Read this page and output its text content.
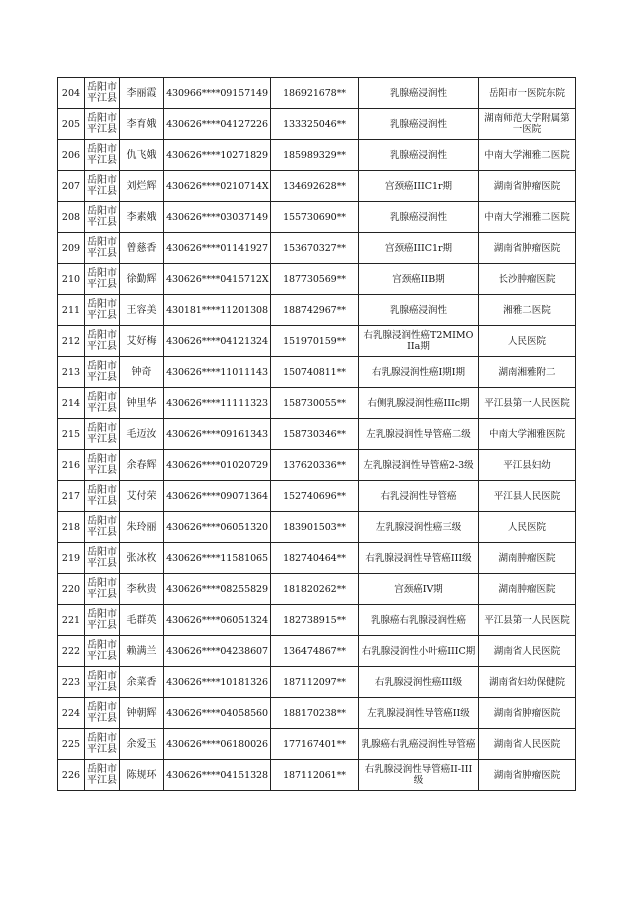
204	岳阳市平江县	李丽霞	430966****09157149	186921678**	乳腺癌浸润性	岳阳市一医院东院
205	岳阳市平江县	李育娥	430626****04127226	133325046**	乳腺癌浸润性	湖南师范大学附属第一医院
206	岳阳市平江县	仇飞娥	430626****10271829	185989329**	乳腺癌浸润性	中南大学湘雅二医院
207	岳阳市平江县	刘烂辉	430626****0210714X	134692628**	宫颈癌IIIC1r期	湖南省肿瘤医院
208	岳阳市平江县	李素娥	430626****03037149	155730690**	乳腺癌浸润性	中南大学湘雅二医院
209	岳阳市平江县	曾慈香	430626****01141927	153670327**	宫颈癌IIIC1r期	湖南省肿瘤医院
210	岳阳市平江县	徐勤辉	430626****0415712X	187730569**	宫颈癌IIB期	长沙肿瘤医院
211	岳阳市平江县	王容美	430181****11201308	188742967**	乳腺癌浸润性	湘雅二医院
212	岳阳市平江县	艾好梅	430626****04121324	151970159**	右乳腺浸润性癌T2MIMO IIa期	人民医院
213	岳阳市平江县	钟奇	430626****11011143	150740811**	右乳腺浸润性癌I期I期	湖南湘雅附二
214	岳阳市平江县	钟里华	430626****11111323	158730055**	右侧乳腺浸润性癌IIIc期	平江县第一人民医院
215	岳阳市平江县	毛迈汝	430626****09161343	158730346**	左乳腺浸润性导管癌二级	中南大学湘雅医院
216	岳阳市平江县	余春辉	430626****01020729	137620336**	左乳腺浸润性导管癌2-3级	平江县妇幼
217	岳阳市平江县	艾付荣	430626****09071364	152740696**	右乳浸润性导管癌	平江县人民医院
218	岳阳市平江县	朱玲丽	430626****06051320	183901503**	左乳腺浸润性癌三级	人民医院
219	岳阳市平江县	张冰枚	430626****11581065	182740464**	右乳腺浸润性导管癌III级	湖南肿瘤医院
220	岳阳市平江县	李秋贵	430626****08255829	181820262**	宫颈癌IV期	湖南肿瘤医院
221	岳阳市平江县	毛群英	430626****06051324	182738915**	乳腺癌右乳腺浸润性癌	平江县第一人民医院
222	岳阳市平江县	赖满兰	430626****04238607	136474867**	右乳腺浸润性小叶癌IIIC期	湖南省人民医院
223	岳阳市平江县	余菜香	430626****10181326	187112097**	右乳腺浸润性癌III级	湖南省妇幼保健院
224	岳阳市平江县	钟朝辉	430626****04058560	188170238**	左乳腺浸润性导管癌II级	湖南省肿瘤医院
225	岳阳市平江县	余爱玉	430626****06180026	177167401**	乳腺癌右乳癌浸润性导管癌	湖南省人民医院
226	岳阳市平江县	陈规环	430626****04151328	187112061**	右乳腺浸润性导管癌II-III级	湖南省肿瘤医院
